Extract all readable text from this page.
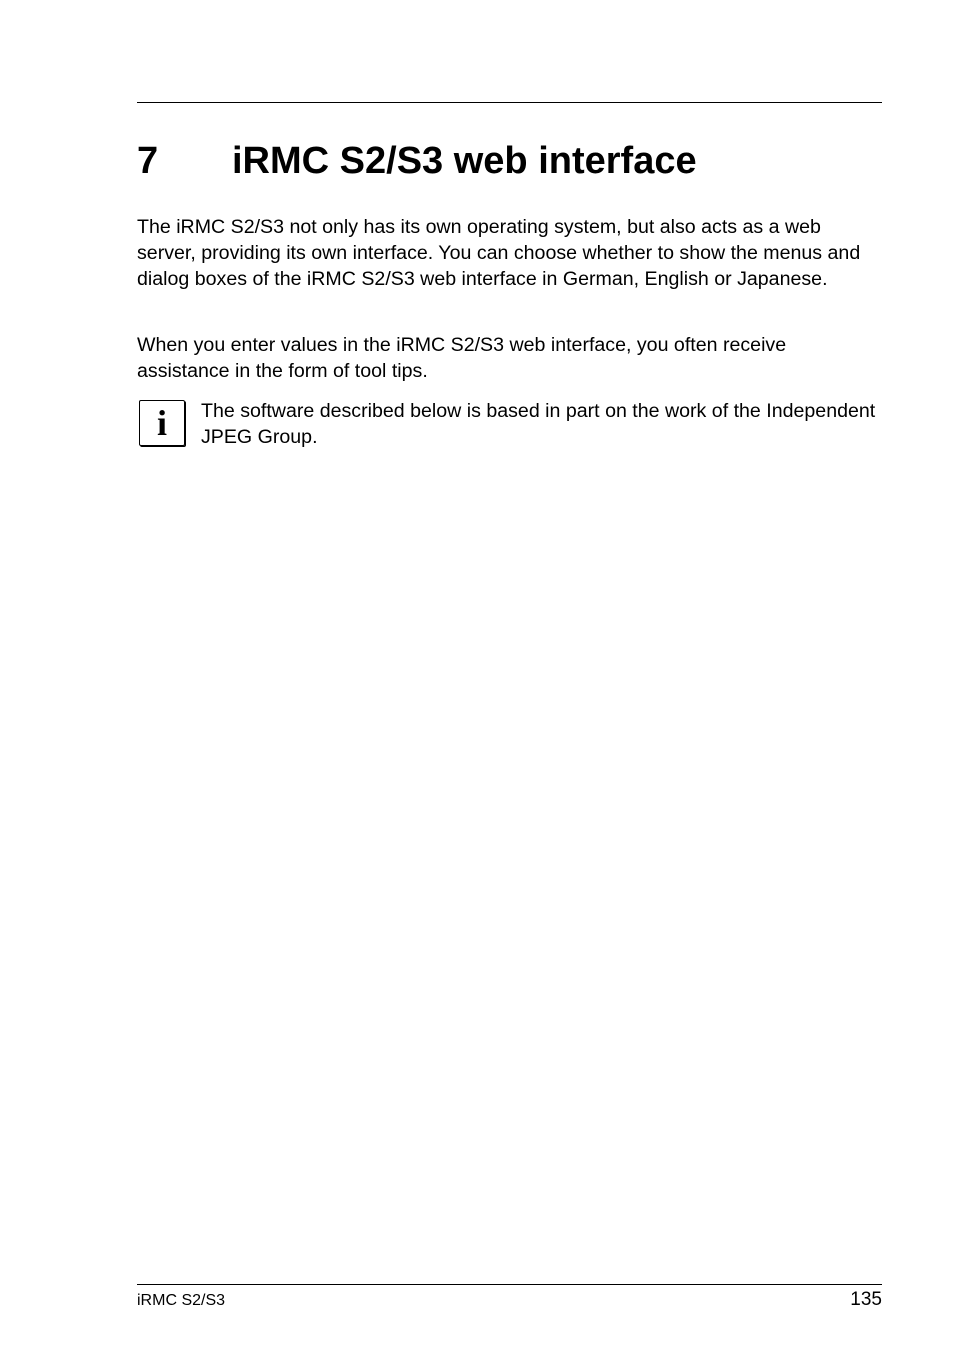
7 iRMC S2/S3 web interface

The iRMC S2/S3 not only has its own operating system, but also acts as a web server, providing its own interface. You can choose whether to show the menus and dialog boxes of the iRMC S2/S3 web interface in German, English or Japanese.

When you enter values in the iRMC S2/S3 web interface, you often receive assistance in the form of tool tips.

i	The software described below is based in part on the work of the Independent JPEG Group.

iRMC S2/S3	135
